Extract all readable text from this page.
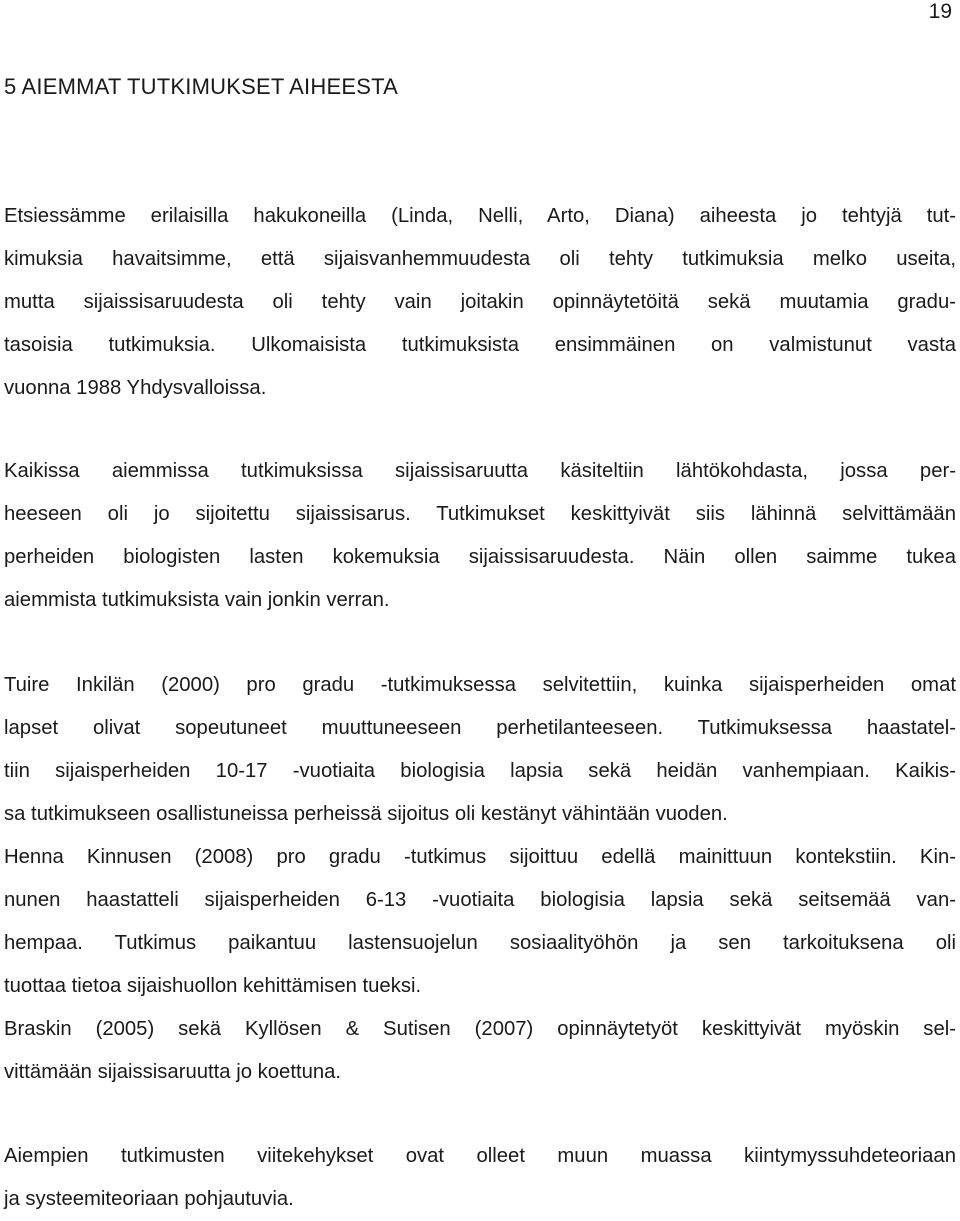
19
5 AIEMMAT TUTKIMUKSET AIHEESTA
Etsiessämme erilaisilla hakukoneilla (Linda, Nelli, Arto, Diana) aiheesta jo tehtyjä tut-
kimuksia havaitsimme, että sijaisvanhemmuudesta oli tehty tutkimuksia melko useita,
mutta sijaissisaruudesta oli tehty vain joitakin opinnäytetöitä sekä muutamia gradu-
tasoisia tutkimuksia. Ulkomaisista tutkimuksista ensimmäinen on valmistunut vasta
vuonna 1988 Yhdysvalloissa.
Kaikissa aiemmissa tutkimuksissa sijaissisaruutta käsiteltiin lähtökohdasta, jossa per-
heeseen oli jo sijoitettu sijaissisarus. Tutkimukset keskittyivät siis lähinnä selvittämään
perheiden biologisten lasten kokemuksia sijaissisaruudesta. Näin ollen saimme tukea
aiemmista tutkimuksista vain jonkin verran.
Tuire Inkilän (2000) pro gradu -tutkimuksessa selvitettiin, kuinka sijaisperheiden omat
lapset olivat sopeutuneet muuttuneeseen perhetilanteeseen. Tutkimuksessa haastatel-
tiin sijaisperheiden 10-17 -vuotiaita biologisia lapsia sekä heidän vanhempiaan. Kaikis-
sa tutkimukseen osallistuneissa perheissä sijoitus oli kestänyt vähintään vuoden.
Henna Kinnusen (2008) pro gradu -tutkimus sijoittuu edellä mainittuun kontekstiin. Kin-
nunen haastatteli sijaisperheiden 6-13 -vuotiaita biologisia lapsia sekä seitsemää van-
hempaa. Tutkimus paikantuu lastensuojelun sosiaalityöhön ja sen tarkoituksena oli
tuottaa tietoa sijaishuollon kehittämisen tueksi.
Braskin (2005) sekä Kyllösen & Sutisen (2007) opinnäytetyöt keskittyivät myöskin sel-
vittämään sijaissisaruutta jo koettuna.
Aiempien tutkimusten viitekehykset ovat olleet muun muassa kiintymyssuhdeteoriaan
ja systeemiteoriaan pohjautuvia.
